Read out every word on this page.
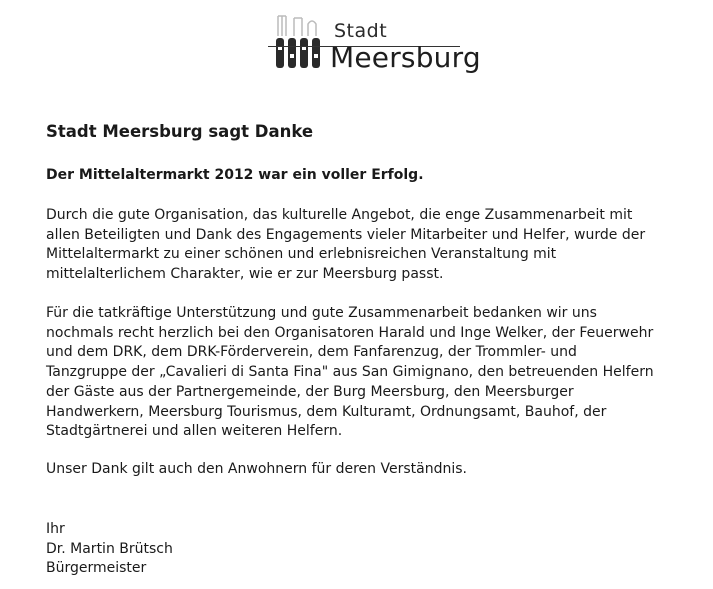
Stadt
Meersburg
Stadt Meersburg sagt Danke
Der Mittelaltermarkt 2012 war ein voller Erfolg.

Durch die gute Organisation, das kulturelle Angebot, die enge Zusammenarbeit mit
allen Beteiligten und Dank des Engagements vieler Mitarbeiter und Helfer, wurde der
Mittelaltermarkt zu einer schönen und erlebnisreichen Veranstaltung mit
mittelalterlichem Charakter, wie er zur Meersburg passt.

Für die tatkräftige Unterstützung und gute Zusammenarbeit bedanken wir uns
nochmals recht herzlich bei den Organisatoren Harald und Inge Welker, der Feuerwehr
und dem DRK, dem DRK-Förderverein, dem Fanfarenzug, der Trommler- und
Tanzgruppe der „Cavalieri di Santa Fina" aus San Gimignano, den betreuenden Helfern
der Gäste aus der Partnergemeinde, der Burg Meersburg, den Meersburger
Handwerkern, Meersburg Tourismus, dem Kulturamt, Ordnungsamt, Bauhof, der
Stadtgärtnerei und allen weiteren Helfern.

Unser Dank gilt auch den Anwohnern für deren Verständnis.

Ihr
Dr. Martin Brütsch
Bürgermeister
